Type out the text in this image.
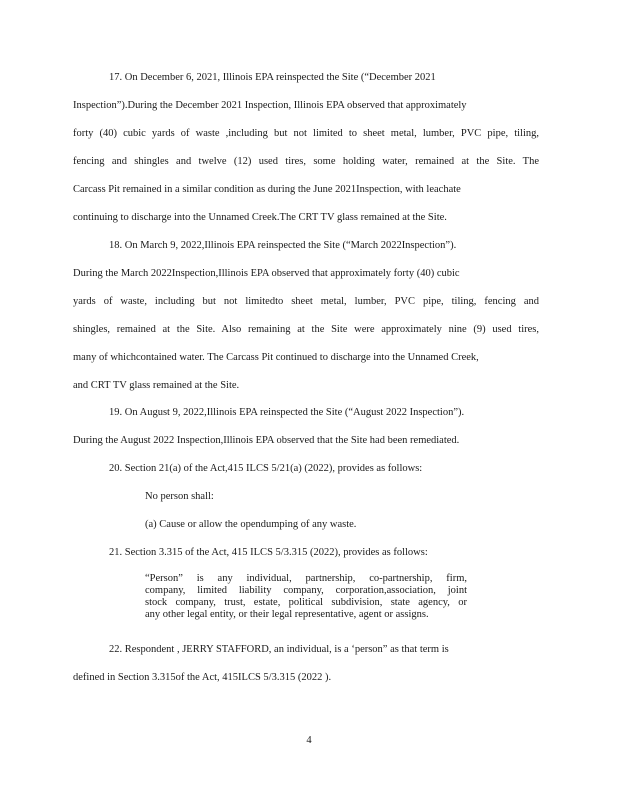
17. On December 6, 2021, Illinois EPA reinspected the Site (“December 2021
Inspection”).During the December 2021 Inspection, Illinois EPA observed that approximately
forty (40) cubic yards of waste ,including but not limited to sheet metal, lumber, PVC pipe, tiling,
fencing and shingles and twelve (12) used tires, some holding water, remained at the Site. The
Carcass Pit remained in a similar condition as during the June 2021Inspection, with leachate
continuing to discharge into the Unnamed Creek.The CRT TV glass remained at the Site.
18. On March 9, 2022,Illinois EPA reinspected the Site (“March 2022Inspection”).
During the March 2022Inspection,Illinois EPA observed that approximately forty (40) cubic
yards of waste, including but not limitedto sheet metal, lumber, PVC pipe, tiling, fencing and
shingles, remained at the Site. Also remaining at the Site were approximately nine (9) used tires,
many of whichcontained water. The Carcass Pit continued to discharge into the Unnamed Creek,
and CRT TV glass remained at the Site.
19. On August 9, 2022,Illinois EPA reinspected the Site (“August 2022 Inspection”).
During the August 2022 Inspection,Illinois EPA observed that the Site had been remediated.
20. Section 21(a) of the Act,415 ILCS 5/21(a) (2022), provides as follows:
No person shall:
(a) Cause or allow the opendumping of any waste.
21. Section 3.315 of the Act, 415 ILCS 5/3.315 (2022), provides as follows:
“Person” is any individual, partnership, co-partnership, firm,
company, limited liability company, corporation,association, joint
stock company, trust, estate, political subdivision, state agency, or
any other legal entity, or their legal representative, agent or assigns.
22. Respondent , JERRY STAFFORD, an individual, is a ‘person” as that term is
defined in Section 3.315of the Act, 415ILCS 5/3.315 (2022 ).
4
